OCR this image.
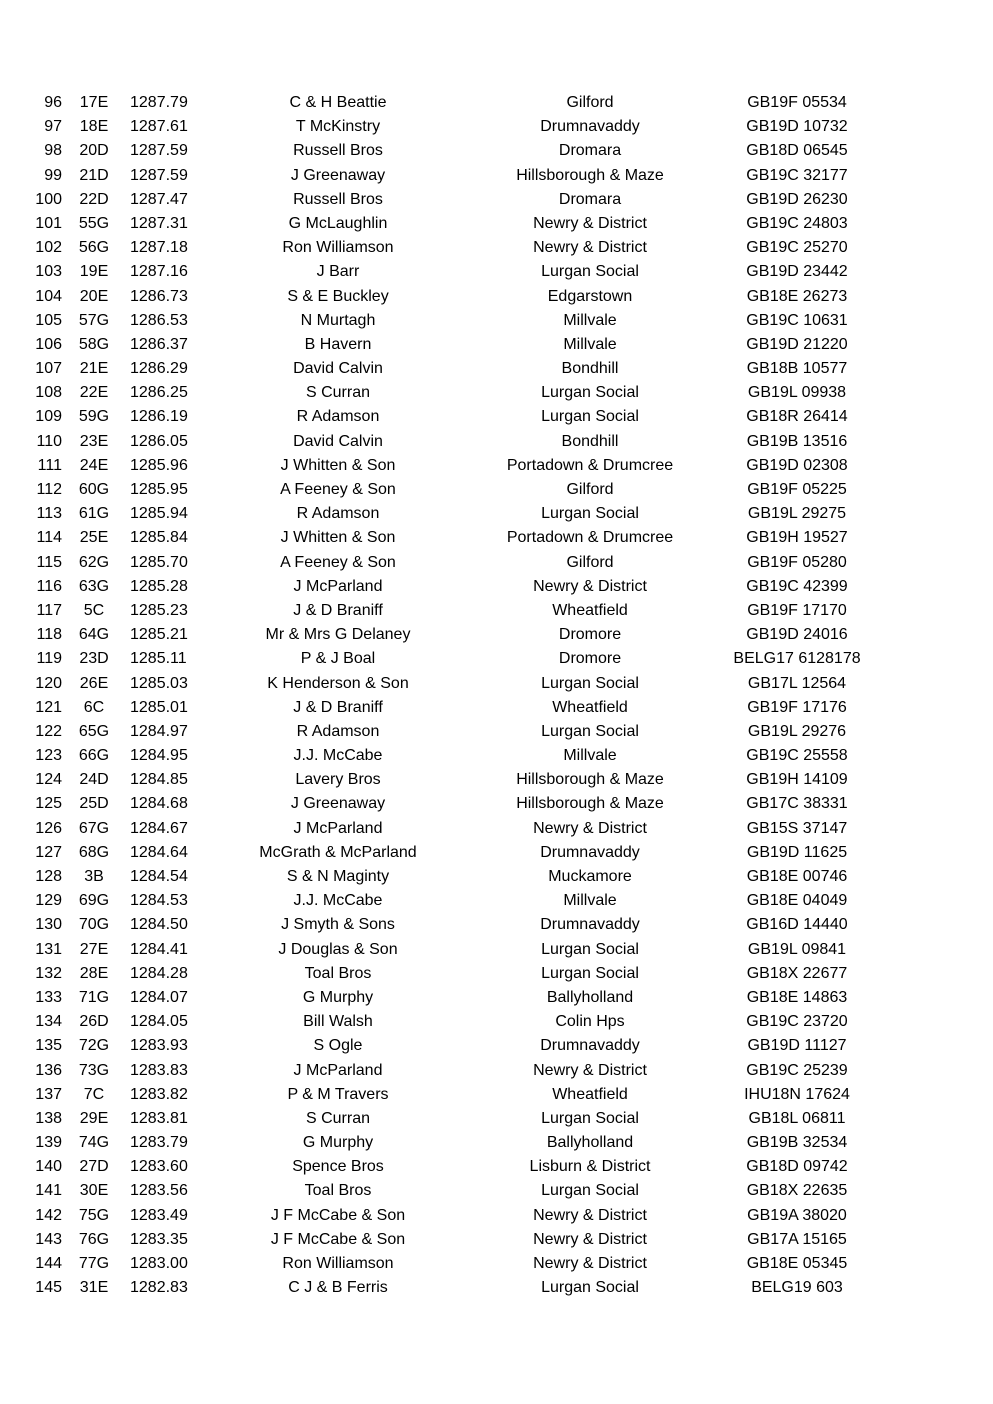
96 17E 1287.79	C & H Beattie	Gilford	GB19F 05534
97 18E 1287.61	T McKinstry	Drumnavaddy	GB19D 10732
98 20D 1287.59	Russell Bros	Dromara	GB18D 06545
99 21D 1287.59	J Greenaway	Hillsborough & Maze	GB19C 32177
100 22D 1287.47	Russell Bros	Dromara	GB19D 26230
101 55G 1287.31	G McLaughlin	Newry & District	GB19C 24803
102 56G 1287.18	Ron Williamson	Newry & District	GB19C 25270
103 19E 1287.16	J Barr	Lurgan Social	GB19D 23442
104 20E 1286.73	S & E Buckley	Edgarstown	GB18E 26273
105 57G 1286.53	N Murtagh	Millvale	GB19C 10631
106 58G 1286.37	B Havern	Millvale	GB19D 21220
107 21E 1286.29	David Calvin	Bondhill	GB18B 10577
108 22E 1286.25	S Curran	Lurgan Social	GB19L 09938
109 59G 1286.19	R Adamson	Lurgan Social	GB18R 26414
110 23E 1286.05	David Calvin	Bondhill	GB19B 13516
111 24E 1285.96	J Whitten & Son	Portadown & Drumcree	GB19D 02308
112 60G 1285.95	A Feeney & Son	Gilford	GB19F 05225
113 61G 1285.94	R Adamson	Lurgan Social	GB19L 29275
114 25E 1285.84	J Whitten & Son	Portadown & Drumcree	GB19H 19527
115 62G 1285.70	A Feeney & Son	Gilford	GB19F 05280
116 63G 1285.28	J McParland	Newry & District	GB19C 42399
117 5C 1285.23	J & D Braniff	Wheatfield	GB19F 17170
118 64G 1285.21	Mr & Mrs G Delaney	Dromore	GB19D 24016
119 23D 1285.11	P & J Boal	Dromore	BELG17 6128178
120 26E 1285.03	K Henderson & Son	Lurgan Social	GB17L 12564
121 6C 1285.01	J & D Braniff	Wheatfield	GB19F 17176
122 65G 1284.97	R Adamson	Lurgan Social	GB19L 29276
123 66G 1284.95	J.J. McCabe	Millvale	GB19C 25558
124 24D 1284.85	Lavery Bros	Hillsborough & Maze	GB19H 14109
125 25D 1284.68	J Greenaway	Hillsborough & Maze	GB17C 38331
126 67G 1284.67	J McParland	Newry & District	GB15S 37147
127 68G 1284.64	McGrath & McParland	Drumnavaddy	GB19D 11625
128 3B 1284.54	S & N Maginty	Muckamore	GB18E 00746
129 69G 1284.53	J.J. McCabe	Millvale	GB18E 04049
130 70G 1284.50	J Smyth & Sons	Drumnavaddy	GB16D 14440
131 27E 1284.41	J Douglas & Son	Lurgan Social	GB19L 09841
132 28E 1284.28	Toal Bros	Lurgan Social	GB18X 22677
133 71G 1284.07	G Murphy	Ballyholland	GB18E 14863
134 26D 1284.05	Bill Walsh	Colin Hps	GB19C 23720
135 72G 1283.93	S Ogle	Drumnavaddy	GB19D 11127
136 73G 1283.83	J McParland	Newry & District	GB19C 25239
137 7C 1283.82	P & M Travers	Wheatfield	IHU18N 17624
138 29E 1283.81	S Curran	Lurgan Social	GB18L 06811
139 74G 1283.79	G Murphy	Ballyholland	GB19B 32534
140 27D 1283.60	Spence Bros	Lisburn & District	GB18D 09742
141 30E 1283.56	Toal Bros	Lurgan Social	GB18X 22635
142 75G 1283.49	J F McCabe & Son	Newry & District	GB19A 38020
143 76G 1283.35	J F McCabe & Son	Newry & District	GB17A 15165
144 77G 1283.00	Ron Williamson	Newry & District	GB18E 05345
145 31E 1282.83	C J & B Ferris	Lurgan Social	BELG19 603
